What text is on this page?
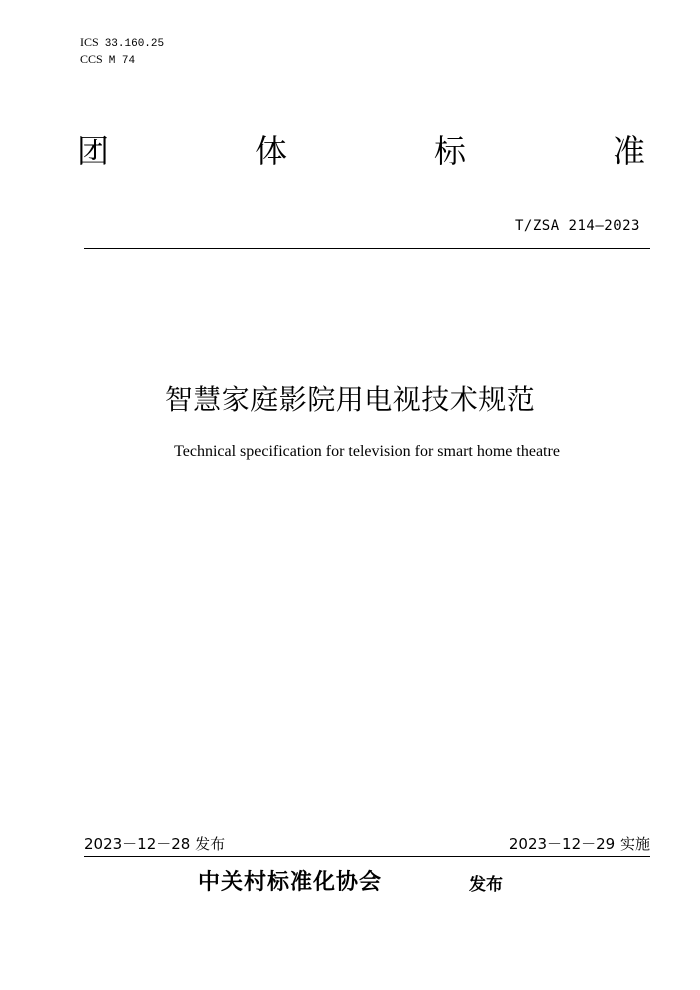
ICS 33.160.25
CCS M 74
团	体	标	准
T/ZSA 214—2023
智慧家庭影院用电视技术规范
Technical specification for television for smart home theatre
2023－12－28 发布	2023－12－29 实施
中关村标准化协会	发布
